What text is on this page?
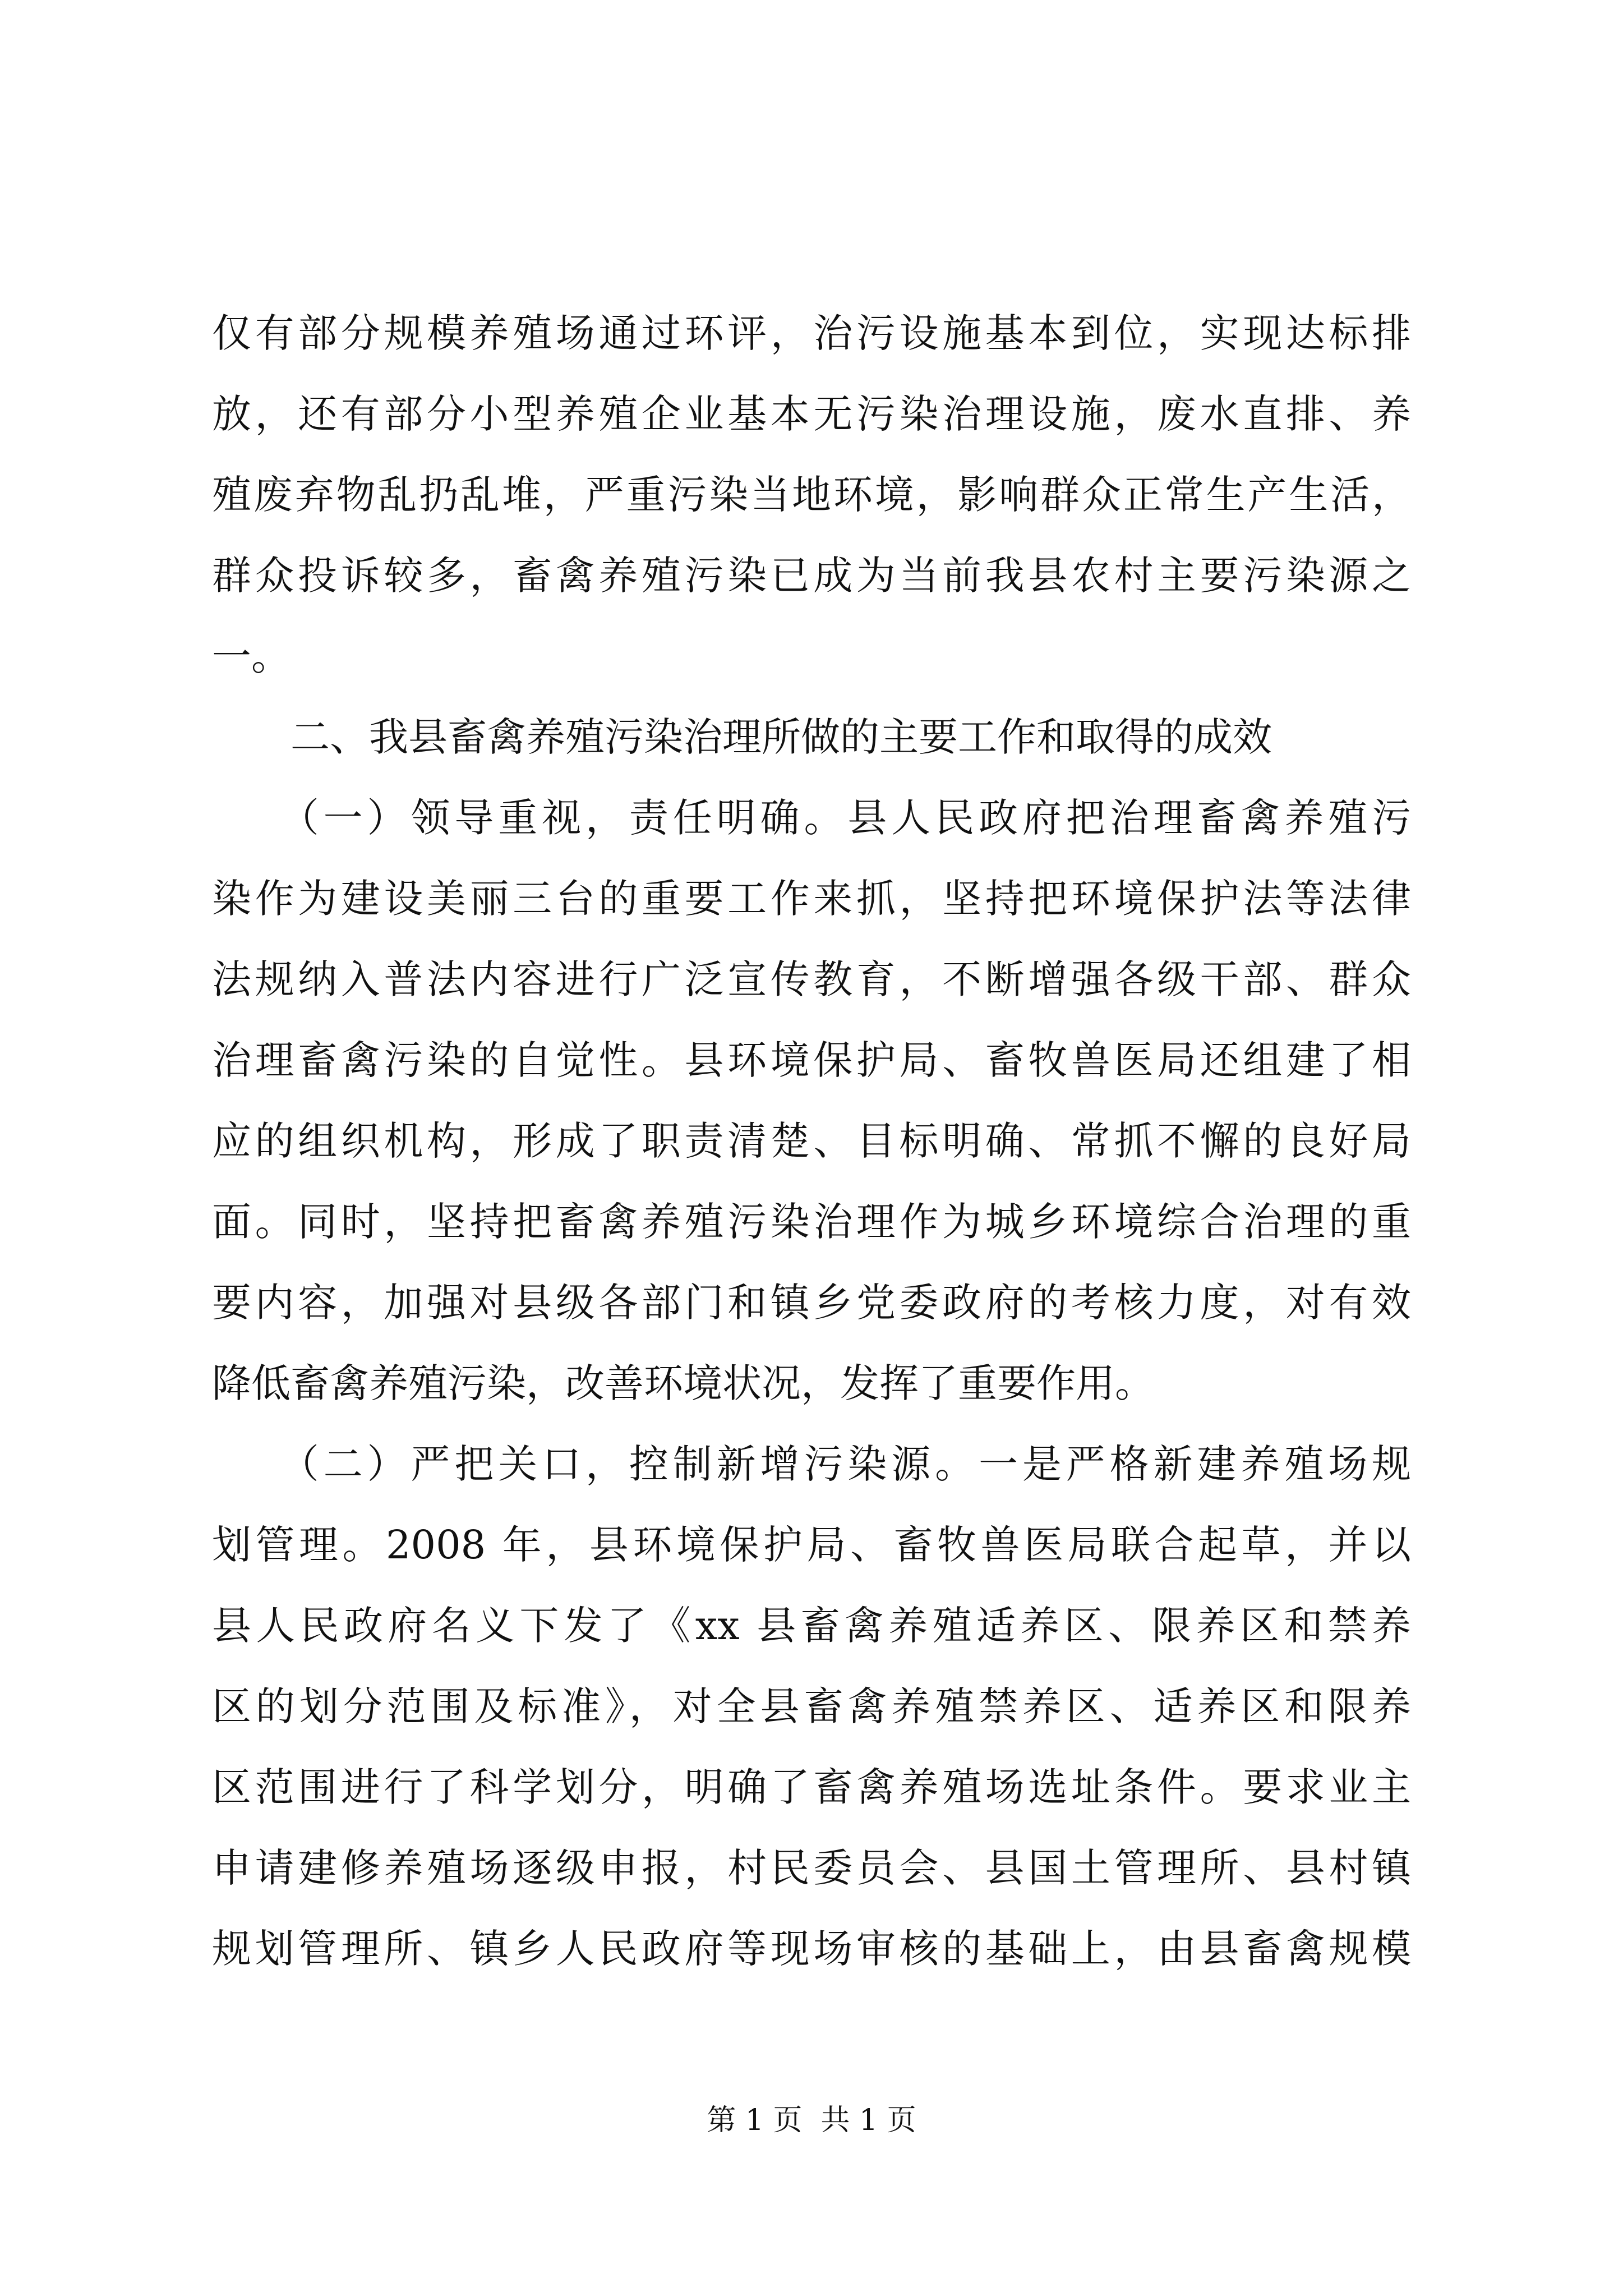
仅有部分规模养殖场通过环评，治污设施基本到位，实现达标排
放，还有部分小型养殖企业基本无污染治理设施，废水直排、养
殖废弃物乱扔乱堆，严重污染当地环境，影响群众正常生产生活，
群众投诉较多，畜禽养殖污染已成为当前我县农村主要污染源之
一。
　　二、我县畜禽养殖污染治理所做的主要工作和取得的成效
　　（一）领导重视，责任明确。县人民政府把治理畜禽养殖污
染作为建设美丽三台的重要工作来抓，坚持把环境保护法等法律
法规纳入普法内容进行广泛宣传教育，不断增强各级干部、群众
治理畜禽污染的自觉性。县环境保护局、畜牧兽医局还组建了相
应的组织机构，形成了职责清楚、目标明确、常抓不懈的良好局
面。同时，坚持把畜禽养殖污染治理作为城乡环境综合治理的重
要内容，加强对县级各部门和镇乡党委政府的考核力度，对有效
降低畜禽养殖污染，改善环境状况，发挥了重要作用。
　　（二）严把关口，控制新增污染源。一是严格新建养殖场规
划管理。2008 年，县环境保护局、畜牧兽医局联合起草，并以
县人民政府名义下发了《xx 县畜禽养殖适养区、限养区和禁养
区的划分范围及标准》，对全县畜禽养殖禁养区、适养区和限养
区范围进行了科学划分，明确了畜禽养殖场选址条件。要求业主
申请建修养殖场逐级申报，村民委员会、县国土管理所、县村镇
规划管理所、镇乡人民政府等现场审核的基础上，由县畜禽规模
第 1 页  共 1 页
